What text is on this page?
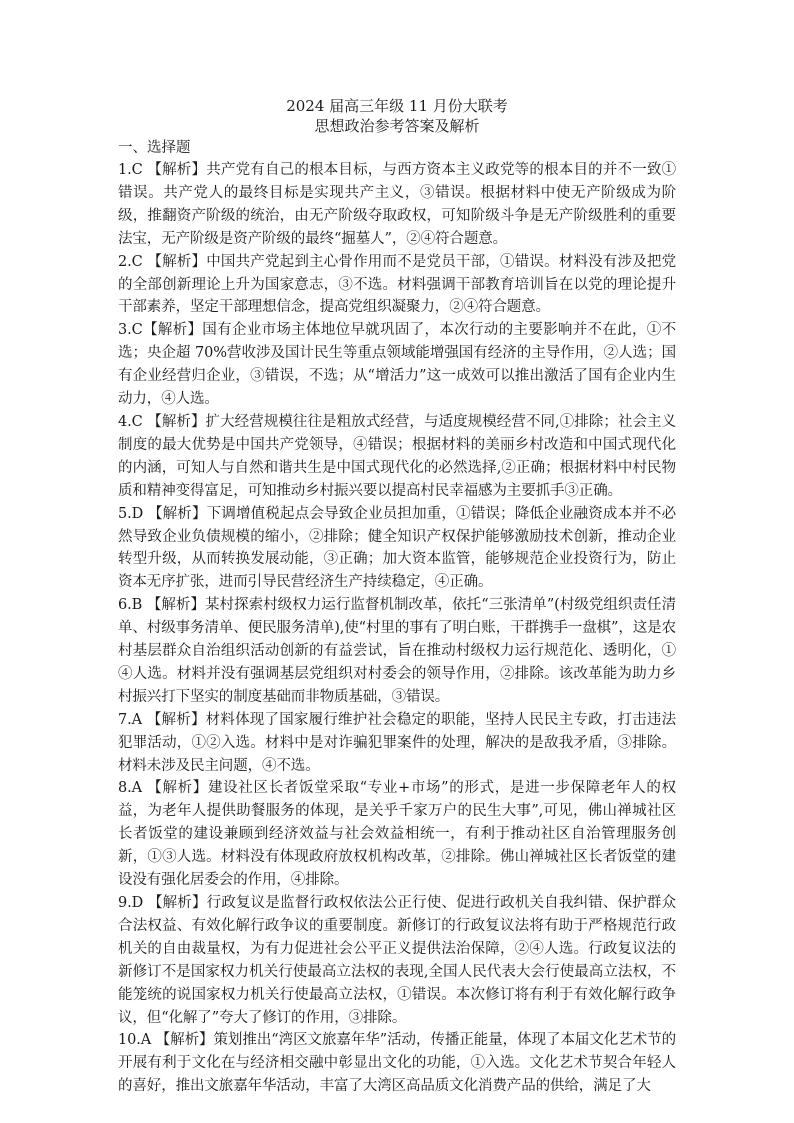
2024 届高三年级 11 月份大联考
思想政治参考答案及解析

一、选择题

1.C 【解析】共产党有自己的根本目标，与西方资本主义政党等的根本目的并不一致①错误。共产党人的最终目标是实现共产主义，③错误。根据材料中使无产阶级成为阶级，推翻资产阶级的统治，由无产阶级夺取政权，可知阶级斗争是无产阶级胜利的重要法宝，无产阶级是资产阶级的最终“掘墓人”，②④符合题意。

2.C 【解析】中国共产党起到主心骨作用而不是党员干部，①错误。材料没有涉及把党的全部创新理论上升为国家意志，③不选。材料强调干部教育培训旨在以党的理论提升干部素养，坚定干部理想信念，提高党组织凝聚力，②④符合题意。

3.C【解析】国有企业市场主体地位早就巩固了，本次行动的主要影响并不在此，①不选；央企超 70%营收涉及国计民生等重点领域能增强国有经济的主导作用，②人选；国有企业经营归企业，③错误，不选；从“增活力”这一成效可以推出激活了国有企业内生动力，④人选。

4.C 【解析】扩大经营规模往往是粗放式经营，与适度规模经营不同,①排除；社会主义制度的最大优势是中国共产党领导，④错误；根据材料的美丽乡村改造和中国式现代化的内涵，可知人与自然和谐共生是中国式现代化的必然选择,②正确；根据材料中村民物质和精神变得富足，可知推动乡村振兴要以提高村民幸福感为主要抓手③正确。

5.D 【解析】下调增值税起点会导致企业员担加重，①错误；降低企业融资成本并不必然导致企业负债规模的缩小，②排除；健全知识产权保护能够激励技术创新，推动企业转型升级，从而转换发展动能，③正确；加大资本监管，能够规范企业投资行为，防止资本无序扩张，进而引导民营经济生产持续稳定，④正确。

6.B 【解析】某村探索村级权力运行监督机制改革，依托“三张清单”(村级党组织责任清单、村级事务清单、便民服务清单),使“村里的事有了明白账，干群携手一盘棋”，这是农村基层群众自治组织活动创新的有益尝试，旨在推动村级权力运行规范化、透明化，①④人选。材料并没有强调基层党组织对村委会的领导作用，②排除。该改革能为助力乡村振兴打下坚实的制度基础而非物质基础，③错误。

7.A 【解析】材料体现了国家履行维护社会稳定的职能，坚持人民民主专政，打击违法犯罪活动，①②入选。材料中是对诈骗犯罪案件的处理，解决的是敌我矛盾，③排除。材料未涉及民主问题，④不选。

8.A 【解析】建设社区长者饭堂采取“专业+市场”的形式，是进一步保障老年人的权益，为老年人提供助餐服务的体现，是关乎千家万户的民生大事”,可见，佛山禅城社区长者饭堂的建设兼顾到经济效益与社会效益相统一，有利于推动社区自治管理服务创新，①③人选。材料没有体现政府放权机构改革，②排除。佛山禅城社区长者饭堂的建设没有强化居委会的作用，④排除。

9.D 【解析】行政复议是监督行政权依法公正行使、促进行政机关自我纠错、保护群众合法权益、有效化解行政争议的重要制度。新修订的行政复议法将有助于严格规范行政机关的自由裁量权，为有力促进社会公平正义提供法治保障，②④人选。行政复议法的新修订不是国家权力机关行使最高立法权的表现,全国人民代表大会行使最高立法权，不能笼统的说国家权力机关行使最高立法权，①错误。本次修订将有利于有效化解行政争议，但“化解了”夸大了修订的作用，③排除。

10.A 【解析】策划推出“湾区文旅嘉年华”活动，传播正能量，体现了本届文化艺术节的开展有利于文化在与经济相交融中彰显出文化的功能，①入选。文化艺术节契合年轻人的喜好，推出文旅嘉年华活动，丰富了大湾区高品质文化消费产品的供给，满足了大
